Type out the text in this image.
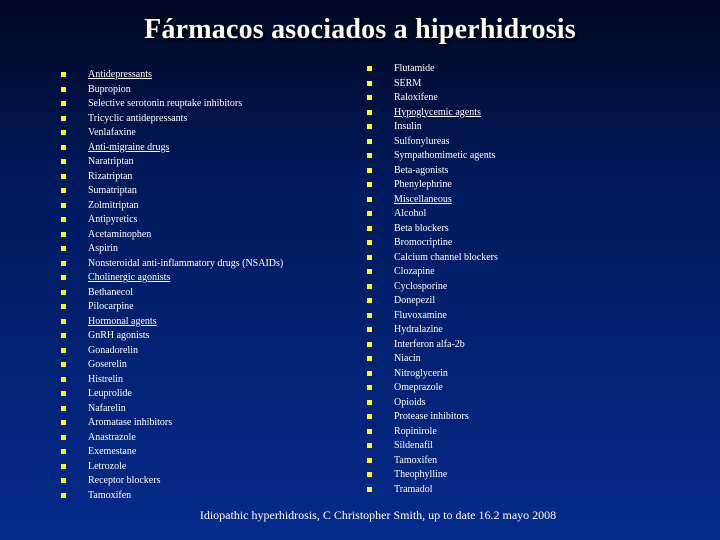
Fármacos asociados a hiperhidrosis
Antidepressants
Bupropion
Selective serotonin reuptake inhibitors
Tricyclic antidepressants
Venlafaxine
Anti-migraine drugs
Naratriptan
Rizatriptan
Sumatriptan
Zolmitriptan
Antipyretics
Acetaminophen
Aspirin
Nonsteroidal anti-inflammatory drugs (NSAIDs)
Cholinergic agonists
Bethanecol
Pilocarpine
Hormonal agents
GnRH agonists
Gonadorelin
Goserelin
Histrelin
Leuprolide
Nafarelin
Aromatase inhibitors
Anastrazole
Exemestane
Letrozole
Receptor blockers
Tamoxifen
Flutamide
SERM
Raloxifene
Hypoglycemic agents
Insulin
Sulfonylureas
Sympathomimetic agents
Beta-agonists
Phenylephrine
Miscellaneous
Alcohol
Beta blockers
Bromocriptine
Calcium channel blockers
Clozapine
Cyclosporine
Donepezil
Fluvoxamine
Hydralazine
Interferon alfa-2b
Niacin
Nitroglycerin
Omeprazole
Opioids
Protease inhibitors
Ropinirole
Sildenafil
Tamoxifen
Theophylline
Tramadol
Idiopathic hyperhidrosis, C Christopher Smith, up to date 16.2 mayo 2008
